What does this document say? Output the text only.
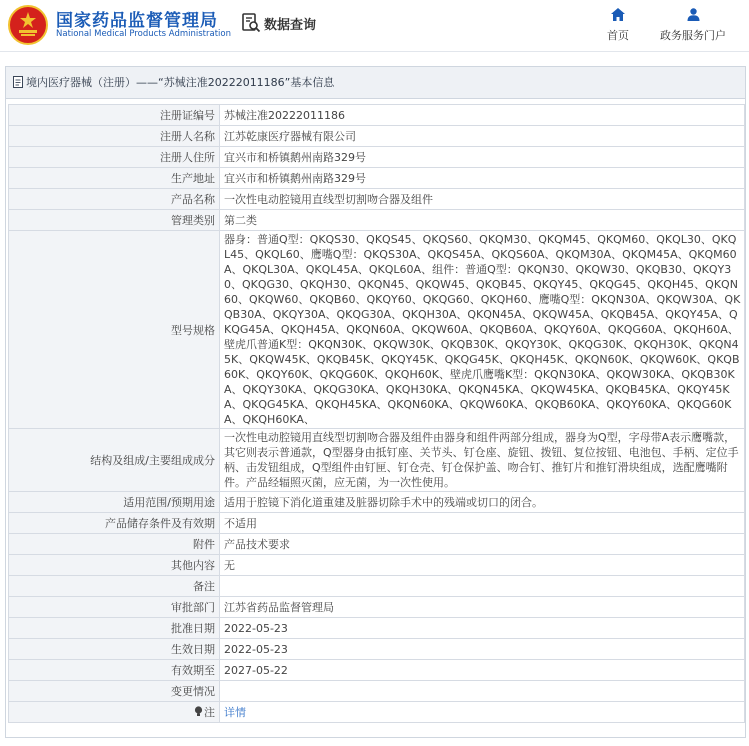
国家药品监督管理局
National Medical Products Administration
数据查询
首页	政务服务门户
境内医疗器械（注册）——“苏械注准20222011186”基本信息
注册证编号	苏械注准20222011186
注册人名称	江苏乾康医疗器械有限公司
注册人住所	宜兴市和桥镇鹅州南路329号
生产地址	宜兴市和桥镇鹅州南路329号
产品名称	一次性电动腔镜用直线型切割吻合器及组件
管理类别	第二类
型号规格	器身：普通Q型：QKQS30、QKQS45、QKQS60、QKQM30、QKQM45、QKQM60、QKQL30、QKQL45、QKQL60、鹰嘴Q型：QKQS30A、QKQS45A、QKQS60A、QKQM30A、QKQM45A、QKQM60A、QKQL30A、QKQL45A、QKQL60A、组件：普通Q型：QKQN30、QKQW30、QKQB30、QKQY30、QKQG30、QKQH30、QKQN45、QKQW45、QKQB45、QKQY45、QKQG45、QKQH45、QKQN60、QKQW60、QKQB60、QKQY60、QKQG60、QKQH60、鹰嘴Q型：QKQN30A、QKQW30A、QKQB30A、QKQY30A、QKQG30A、QKQH30A、QKQN45A、QKQW45A、QKQB45A、QKQY45A、QKQG45A、QKQH45A、QKQN60A、QKQW60A、QKQB60A、QKQY60A、QKQG60A、QKQH60A、壁虎爪普通K型：QKQN30K、QKQW30K、QKQB30K、QKQY30K、QKQG30K、QKQH30K、QKQN45K、QKQW45K、QKQB45K、QKQY45K、QKQG45K、QKQH45K、QKQN60K、QKQW60K、QKQB60K、QKQY60K、QKQG60K、QKQH60K、壁虎爪鹰嘴K型：QKQN30KA、QKQW30KA、QKQB30KA、QKQY30KA、QKQG30KA、QKQH30KA、QKQN45KA、QKQW45KA、QKQB45KA、QKQY45KA、QKQG45KA、QKQH45KA、QKQN60KA、QKQW60KA、QKQB60KA、QKQY60KA、QKQG60KA、QKQH60KA、
结构及组成/主要组成成分	一次性电动腔镜用直线型切割吻合器及组件由器身和组件两部分组成，器身为Q型，字母带A表示鹰嘴款，其它则表示普通款，Q型器身由抵钉座、关节头、钉仓座、旋钮、拨钮、复位按钮、电池包、手柄、定位手柄、击发钮组成，Q型组件由钉匣、钉仓壳、钉仓保护盖、吻合钉、推钉片和推钉滑块组成，选配鹰嘴附件。产品经辐照灭菌，应无菌，为一次性使用。
适用范围/预期用途	适用于腔镜下消化道重建及脏器切除手术中的残端或切口的闭合。
产品储存条件及有效期	不适用
附件	产品技术要求
其他内容	无
备注	
审批部门	江苏省药品监督管理局
批准日期	2022-05-23
生效日期	2022-05-23
有效期至	2027-05-22
变更情况	
注	详情
